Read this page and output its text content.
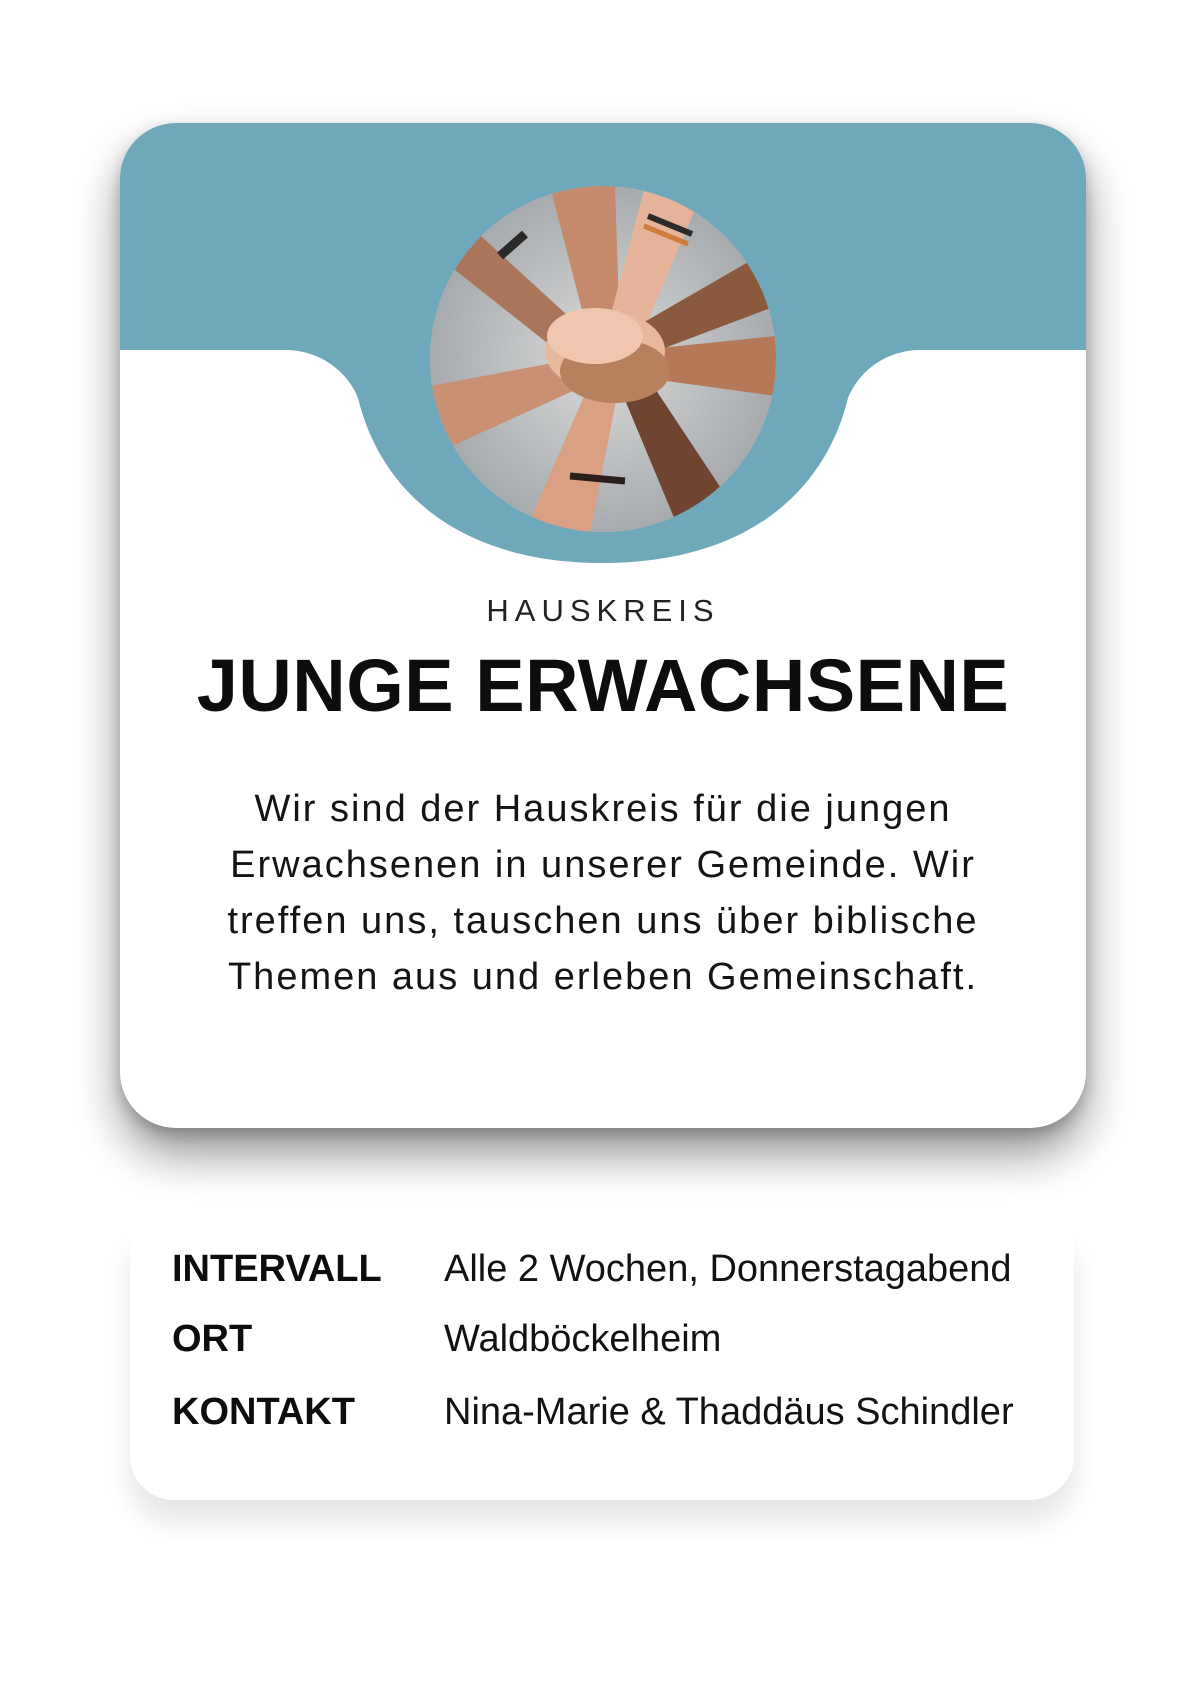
HAUSKREIS
JUNGE ERWACHSENE

Wir sind der Hauskreis für die jungen Erwachsenen in unserer Gemeinde. Wir treffen uns, tauschen uns über biblische Themen aus und erleben Gemeinschaft.

INTERVALL Alle 2 Wochen, Donnerstagabend
ORT	Waldböckelheim
KONTAKT Nina-Marie & Thaddäus Schindler
